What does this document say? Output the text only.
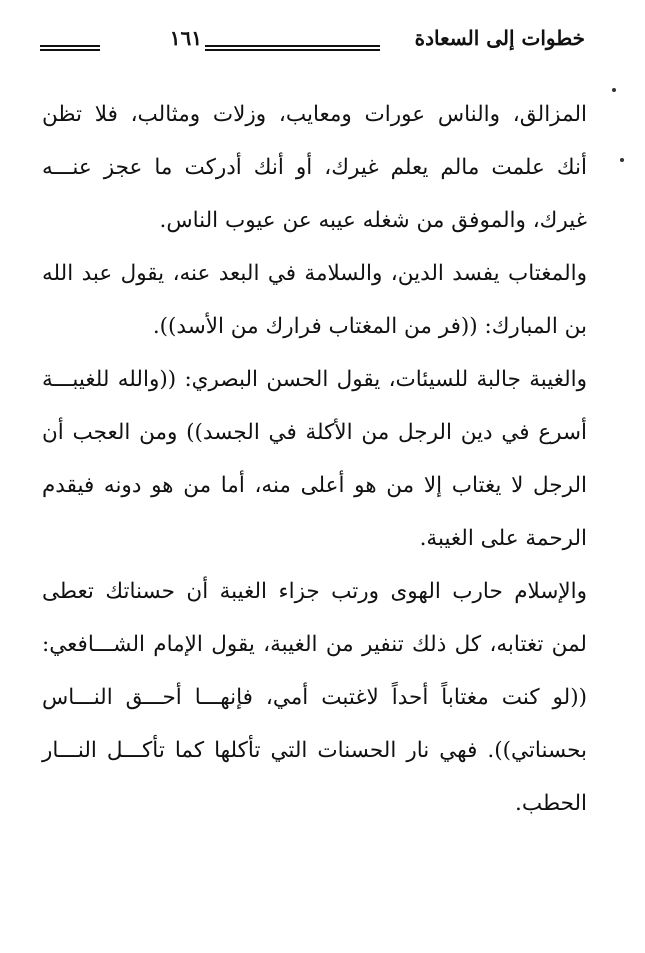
خطوات إلى السعادة
١٦١
المزالق، والناس عورات ومعايب، وزلات ومثالب، فلا تظن
أنك علمت مالم يعلم غيرك، أو أنك أدركت ما عجز عنـــه
غيرك، والموفق من شغله عيبه عن عيوب الناس.
والمغتاب يفسد الدين، والسلامة في البعد عنه، يقول عبد الله
بن المبارك: ((فر من المغتاب فرارك من الأسد)).
والغيبة جالبة للسيئات، يقول الحسن البصري: ((والله للغيبـــة
أسرع في دين الرجل من الأكلة في الجسد)) ومن العجب أن
الرجل لا يغتاب إلا من هو أعلى منه، أما من هو دونه فيقدم
الرحمة على الغيبة.
والإسلام حارب الهوى ورتب جزاء الغيبة أن حسناتك تعطى
لمن تغتابه، كل ذلك تنفير من الغيبة، يقول الإمام الشـــافعي:
((لو كنت مغتاباً أحداً لاغتبت أمي، فإنهـــا أحـــق النـــاس
بحسناتي)). فهي نار الحسنات التي تأكلها كما تأكـــل النـــار
الحطب.
